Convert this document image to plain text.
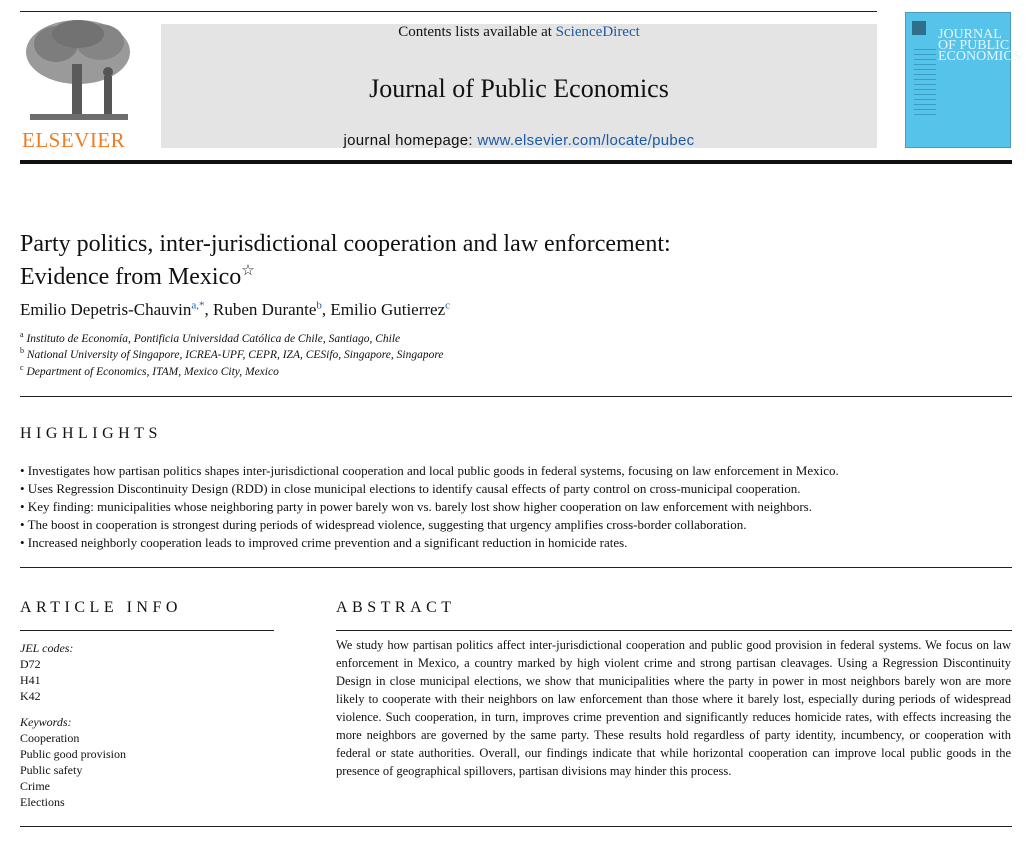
ELSEVIER
Contents lists available at ScienceDirect
Journal of Public Economics
journal homepage: www.elsevier.com/locate/pubec
JOURNAL OF PUBLIC ECONOMICS
Party politics, inter-jurisdictional cooperation and law enforcement:
Evidence from Mexico☆
Emilio Depetris-Chauvin$^{a,*}$, Ruben Durante$^b$, Emilio Gutierrez$^c$
$^a$ Instituto de Economía, Pontificia Universidad Católica de Chile, Santiago, Chile
$^b$ National University of Singapore, ICREA-UPF, CEPR, IZA, CESifo, Singapore, Singapore
$^c$ Department of Economics, ITAM, Mexico City, Mexico
HIGHLIGHTS
• Investigates how partisan politics shapes inter-jurisdictional cooperation and local public goods in federal systems, focusing on law enforcement in Mexico.
• Uses Regression Discontinuity Design (RDD) in close municipal elections to identify causal effects of party control on cross-municipal cooperation.
• Key finding: municipalities whose neighboring party in power barely won vs. barely lost show higher cooperation on law enforcement with neighbors.
• The boost in cooperation is strongest during periods of widespread violence, suggesting that urgency amplifies cross-border collaboration.
• Increased neighborly cooperation leads to improved crime prevention and a significant reduction in homicide rates.
ARTICLE INFO
JEL codes:
D72
H41
K42
Keywords:
Cooperation
Public good provision
Public safety
Crime
Elections
ABSTRACT
We study how partisan politics affect inter-jurisdictional cooperation and public good provision in federal systems. We focus on law enforcement in Mexico, a country marked by high violent crime and strong partisan cleavages. Using a Regression Discontinuity Design in close municipal elections, we show that municipalities where the party in power in most neighbors barely won are more likely to cooperate with their neighbors on law enforcement than those where it barely lost, especially during periods of widespread violence. Such cooperation, in turn, improves crime prevention and significantly reduces homicide rates, with effects increasing the more neighbors are governed by the same party. These results hold regardless of party identity, incumbency, or cooperation with federal or state authorities. Overall, our findings indicate that while horizontal cooperation can improve local public goods in the presence of geographical spillovers, partisan divisions may hinder this process.
